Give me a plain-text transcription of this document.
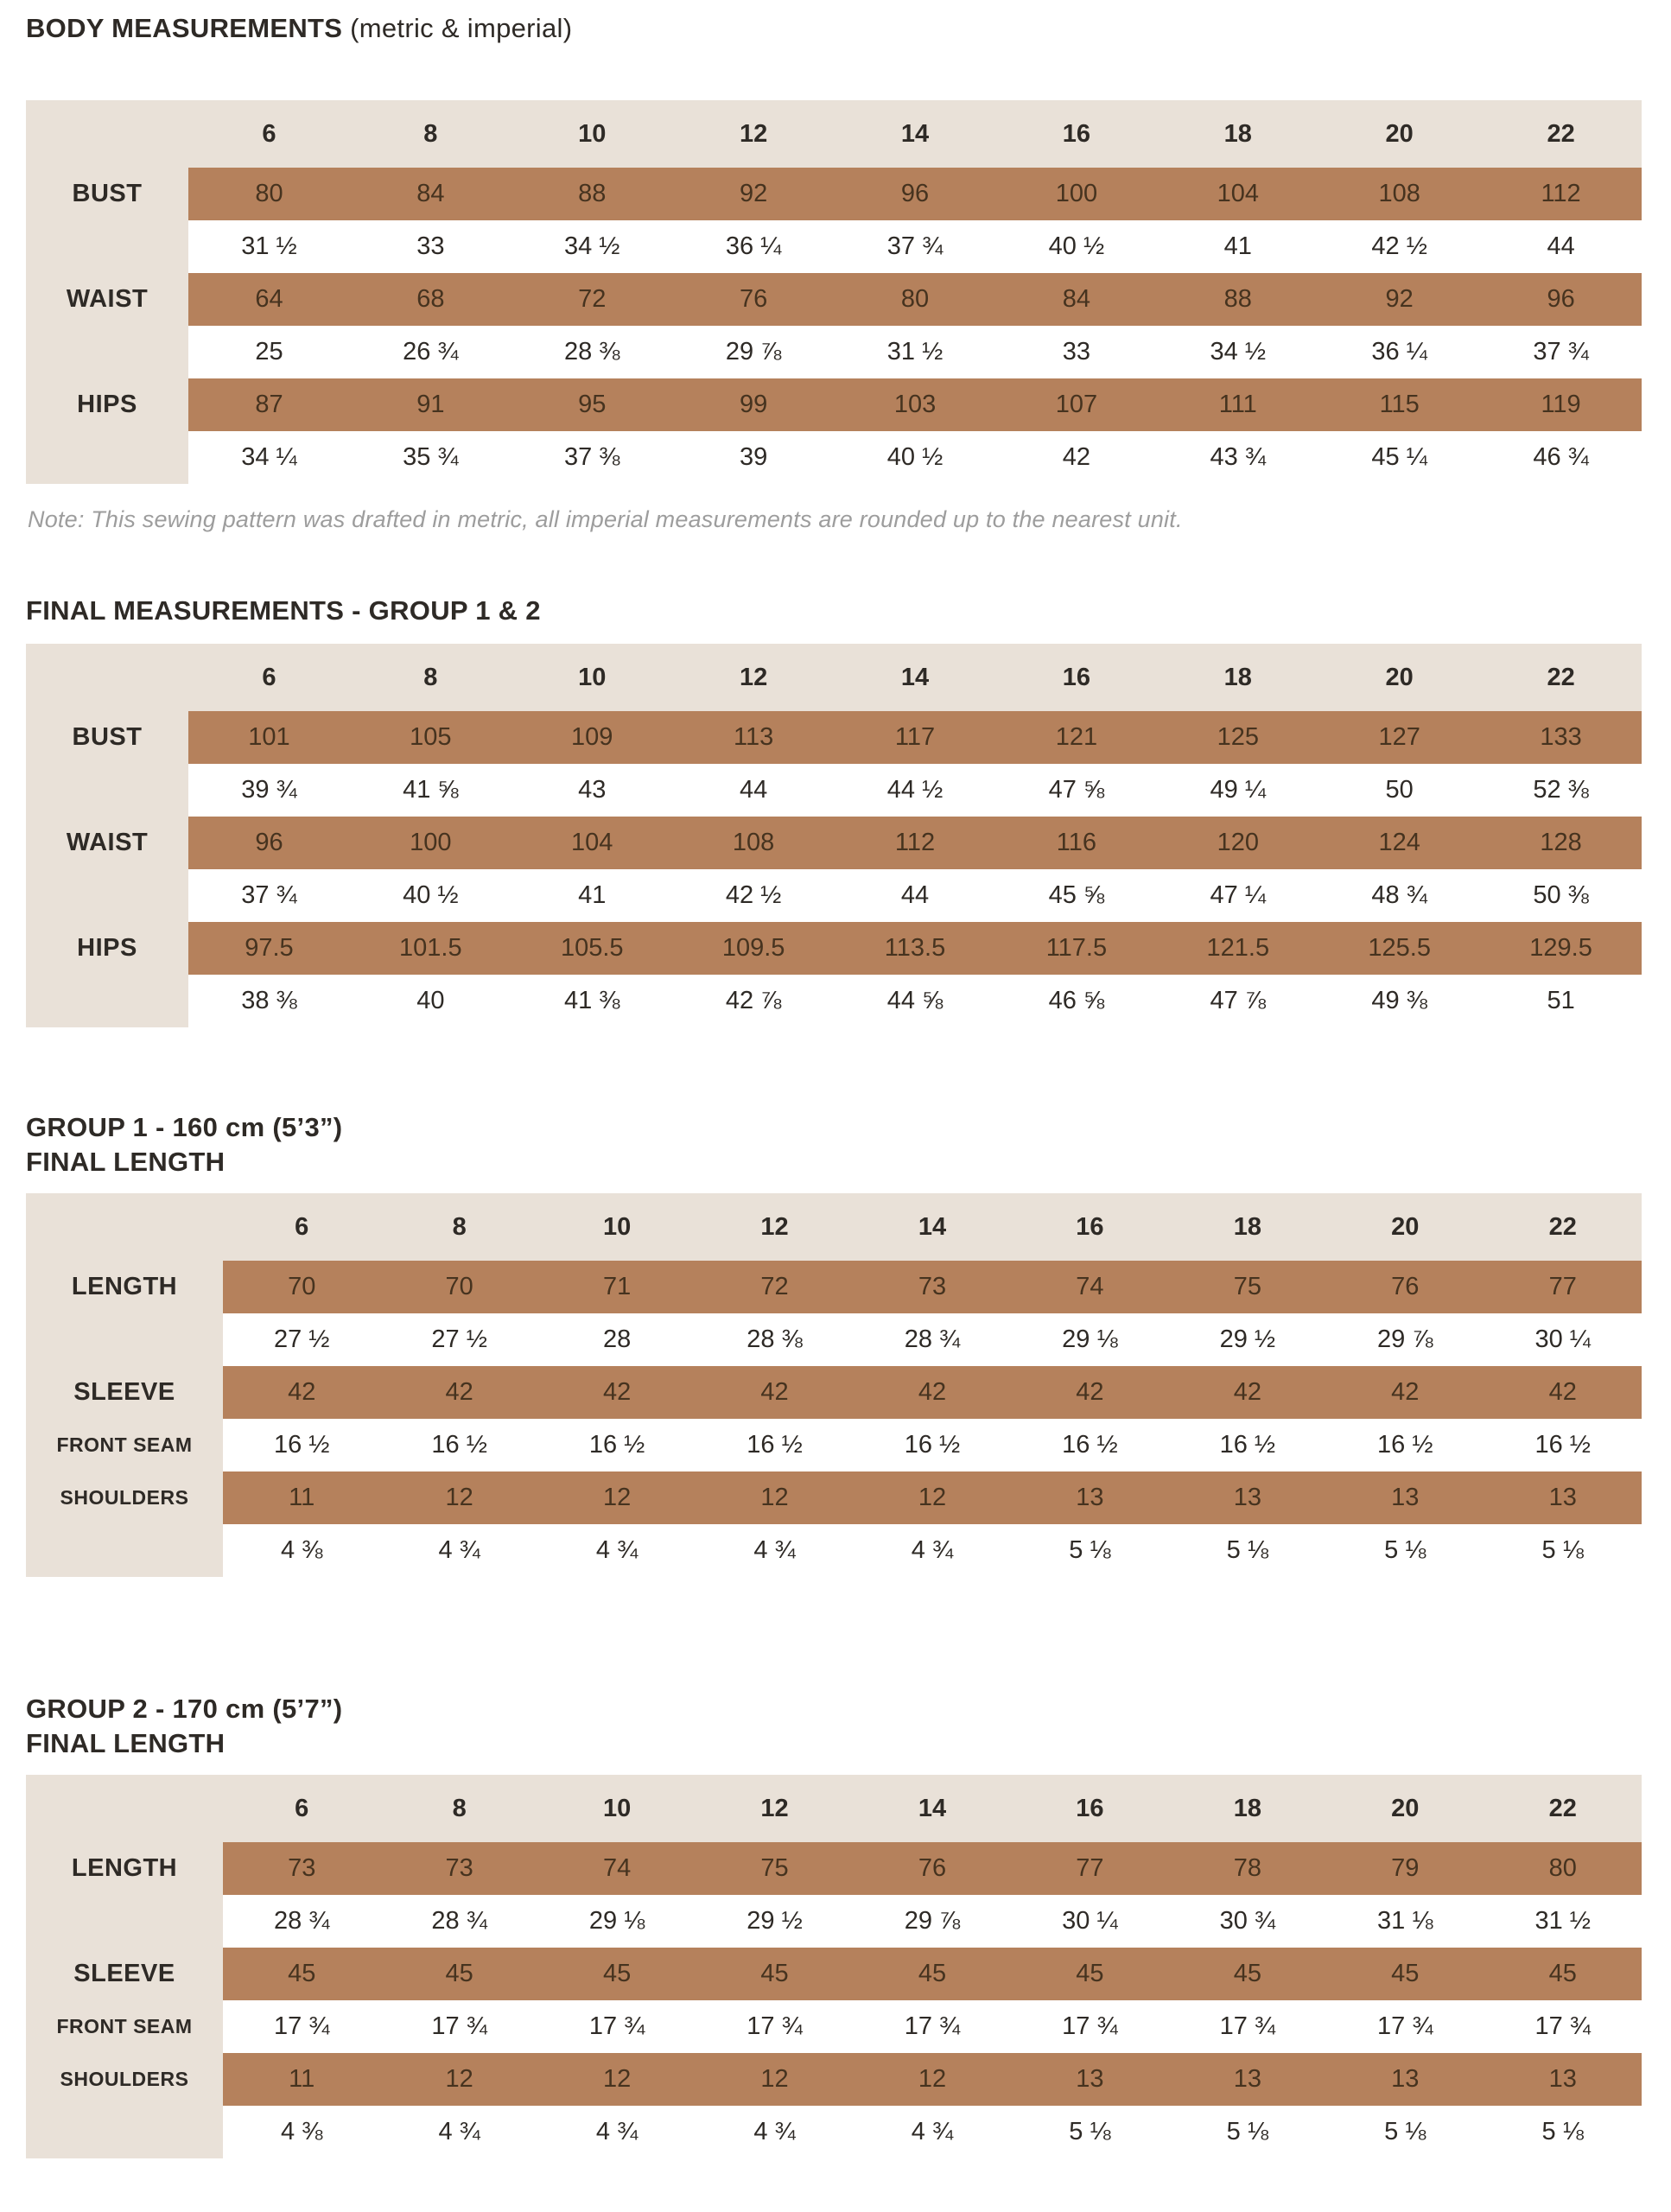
BODY MEASUREMENTS (metric & imperial)
6	8	10	12	14	16	18	20	22
BUST	80	84	88	92	96	100	104	108	112
31 ½	33	34 ½	36 ¼	37 ¾	40 ½	41	42 ½	44
WAIST	64	68	72	76	80	84	88	92	96
25	26 ¾	28 ⅜	29 ⅞	31 ½	33	34 ½	36 ¼	37 ¾
HIPS	87	91	95	99	103	107	111	115	119
34 ¼	35 ¾	37 ⅜	39	40 ½	42	43 ¾	45 ¼	46 ¾

Note: This sewing pattern was drafted in metric, all imperial measurements are rounded up to the nearest unit.

FINAL MEASUREMENTS - GROUP 1 & 2
6	8	10	12	14	16	18	20	22
BUST	101	105	109	113	117	121	125	127	133
39 ¾	41 ⅝	43	44	44 ½	47 ⅝	49 ¼	50	52 ⅜
WAIST	96	100	104	108	112	116	120	124	128
37 ¾	40 ½	41	42 ½	44	45 ⅝	47 ¼	48 ¾	50 ⅜
HIPS	97.5	101.5	105.5	109.5	113.5	117.5	121.5	125.5	129.5
38 ⅜	40	41 ⅜	42 ⅞	44 ⅝	46 ⅝	47 ⅞	49 ⅜	51
GROUP 1 - 160 cm (5’3”)
FINAL LENGTH
6	8	10	12	14	16	18	20	22
LENGTH	70	70	71	72	73	74	75	76	77
27 ½	27 ½	28	28 ⅜	28 ¾	29 ⅛	29 ½	29 ⅞	30 ¼
SLEEVE	42	42	42	42	42	42	42	42	42
FRONT SEAM	16 ½	16 ½	16 ½	16 ½	16 ½	16 ½	16 ½	16 ½	16 ½
SHOULDERS	11	12	12	12	12	13	13	13	13
4 ⅜	4 ¾	4 ¾	4 ¾	4 ¾	5 ⅛	5 ⅛	5 ⅛	5 ⅛
GROUP 2 - 170 cm (5’7”)
FINAL LENGTH
6	8	10	12	14	16	18	20	22
LENGTH	73	73	74	75	76	77	78	79	80
28 ¾	28 ¾	29 ⅛	29 ½	29 ⅞	30 ¼	30 ¾	31 ⅛	31 ½
SLEEVE	45	45	45	45	45	45	45	45	45
FRONT SEAM	17 ¾	17 ¾	17 ¾	17 ¾	17 ¾	17 ¾	17 ¾	17 ¾	17 ¾
SHOULDERS	11	12	12	12	12	13	13	13	13
4 ⅜	4 ¾	4 ¾	4 ¾	4 ¾	5 ⅛	5 ⅛	5 ⅛	5 ⅛
